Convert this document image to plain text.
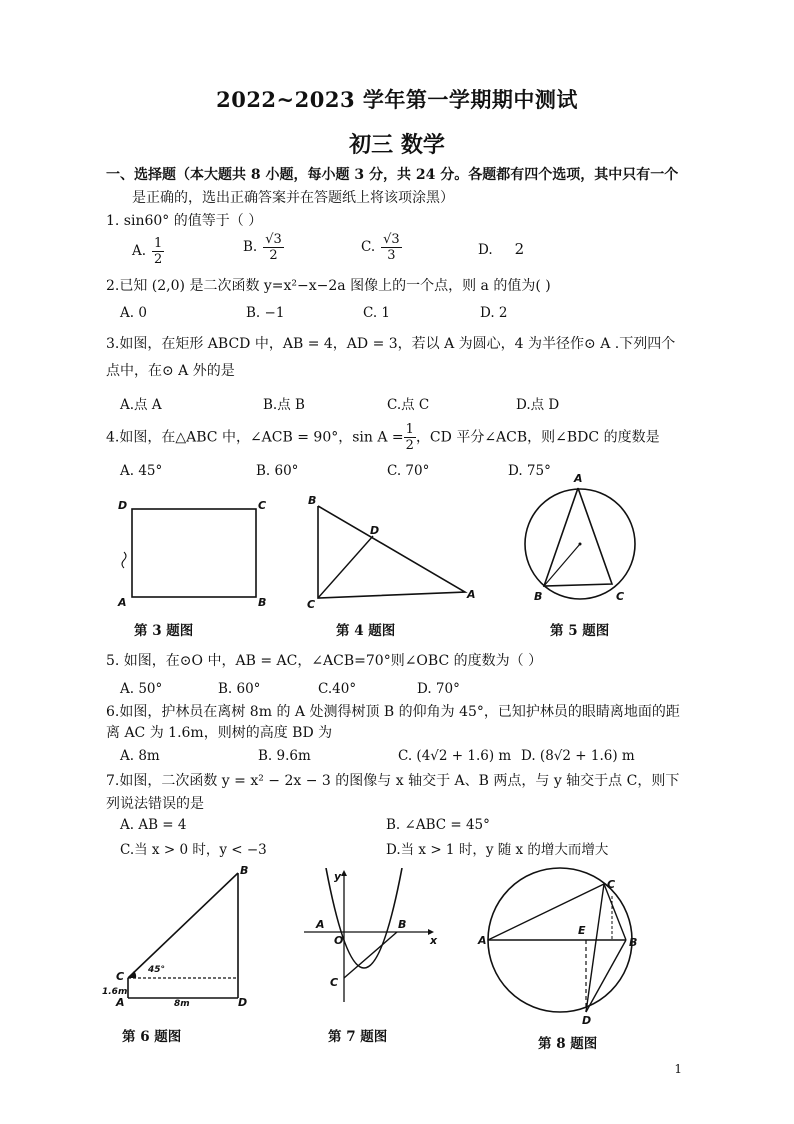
2022~2023 学年第一学期期中测试
初三 数学
一、选择题（本大题共 8 小题，每小题 3 分，共 24 分。各题都有四个选项，其中只有一个
是正确的，选出正确答案并在答题纸上将该项涂黑）
1. sin60° 的值等于（ ）
A. $\frac{1}{2}$	B. $\frac{√3}{2}$	C. $\frac{√3}{3}$	D. 2
2.已知 (2,0) 是二次函数 y=x²−x−2a 图像上的一个点，则 a 的值为( )
A. 0	B. −1	C. 1	D. 2
3.如图，在矩形 ABCD 中，AB = 4，AD = 3，若以 A 为圆心，4 为半径作⊙ A .下列四个
点中，在⊙ A 外的是
A.点 A	B.点 B	C.点 C	D.点 D
4.如图，在△ABC 中，∠ACB = 90°，$\sin A = \frac{1}{2}$ ，CD 平分∠ACB，则∠BDC 的度数是
A. 45°	B. 60°	C. 70°	D. 75°
D	C
A	B
B
D
C
A
A
B	C
第 3 题图	第 4 题图	第 5 题图
5. 如图，在⊙O 中，AB = AC，∠ACB=70°则∠OBC 的度数为（ ）
A. 50°	B. 60°	C.40°	D. 70°
6.如图，护林员在离树 8m 的 A 处测得树顶 B 的仰角为 45°，已知护林员的眼睛离地面的距
离 AC 为 1.6m，则树的高度 BD 为
A. 8m	B. 9.6m	C. (4√2 + 1.6) m D. (8√2 + 1.6) m
7.如图，二次函数 y = x² − 2x − 3 的图像与 x 轴交于 A、B 两点，与 y 轴交于点 C，则下
列说法错误的是
A. AB = 4	B. ∠ABC = 45°
C.当 x > 0 时，y < −3	D.当 x > 1 时，y 随 x 的增大而增大
B
C	45°
1.6m
A	8m	D
y
x
A	B
O
C
A
C
B
E
D
第 6 题图	第 7 题图	第 8 题图
1
